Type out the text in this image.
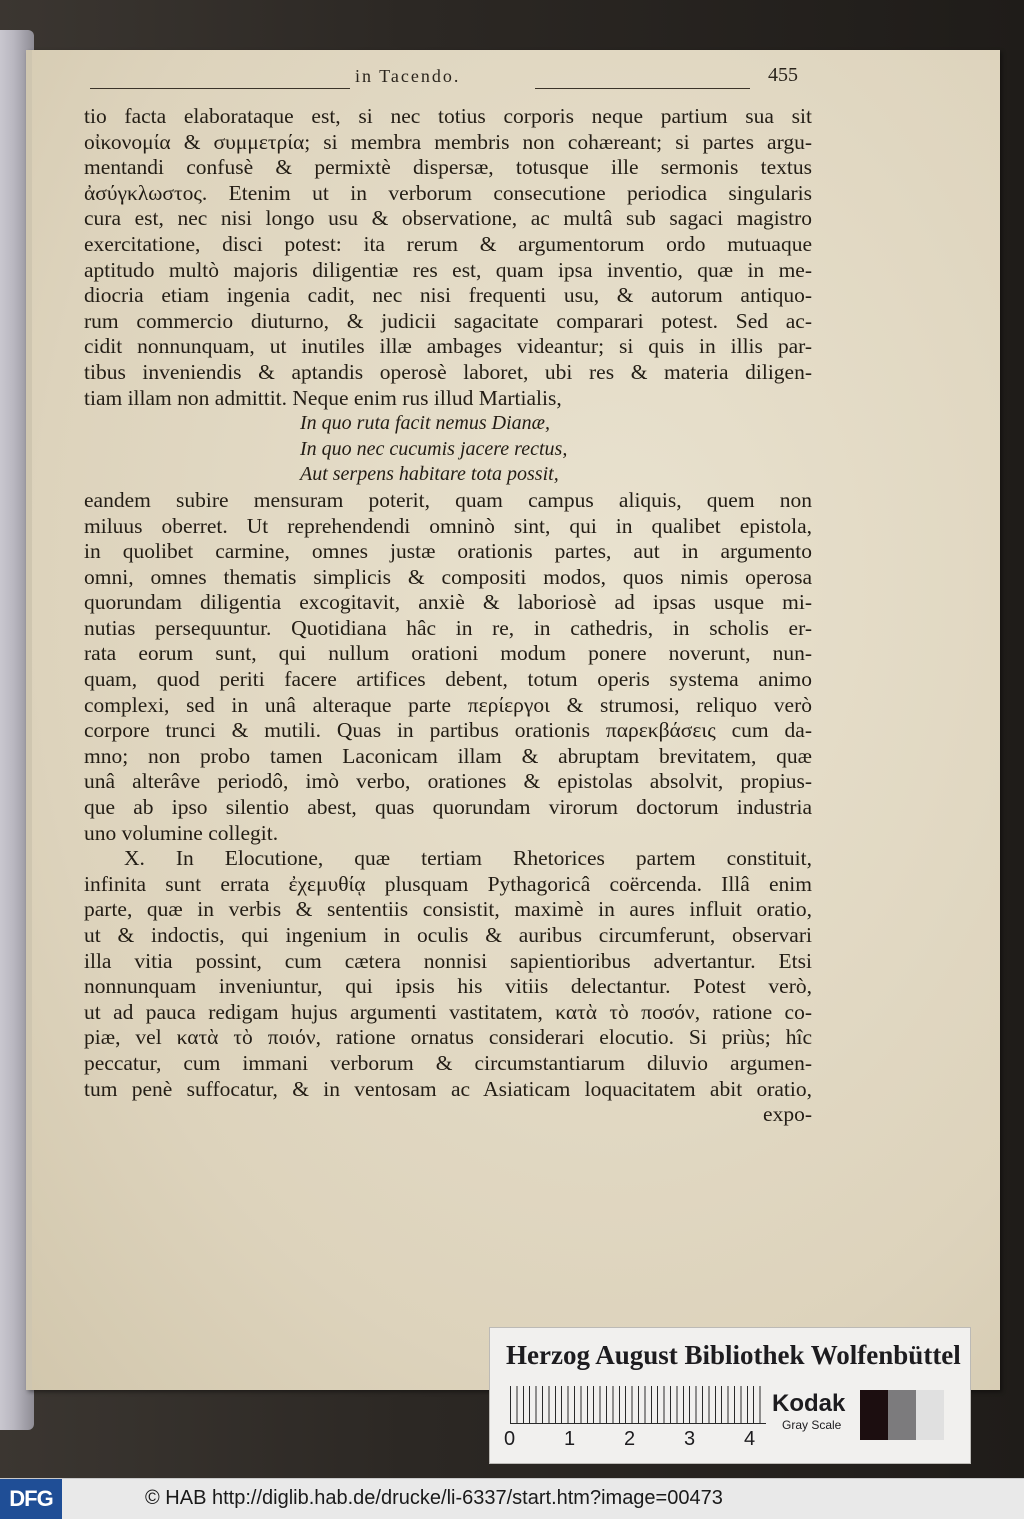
in Tacendo.	455
tio facta elaborataque est, si nec totius corporis neque partium sua sit
οἰκονομία & συμμετρία; si membra membris non cohæreant; si partes argu-
mentandi confusè & permixtè dispersæ, totusque ille sermonis textus
ἀσύγκλωστος. Etenim ut in verborum consecutione periodica singularis
cura est, nec nisi longo usu & observatione, ac multâ sub sagaci magistro
exercitatione, disci potest: ita rerum & argumentorum ordo mutuaque
aptitudo multò majoris diligentiæ res est, quam ipsa inventio, quæ in me-
diocria etiam ingenia cadit, nec nisi frequenti usu, & autorum antiquo-
rum commercio diuturno, & judicii sagacitate comparari potest. Sed ac-
cidit nonnunquam, ut inutiles illæ ambages videantur; si quis in illis par-
tibus inveniendis & aptandis operosè laboret, ubi res & materia diligen-
tiam illam non admittit. Neque enim rus illud Martialis,
In quo ruta facit nemus Dianæ,
In quo nec cucumis jacere rectus,
Aut serpens habitare tota possit,
eandem subire mensuram poterit, quam campus aliquis, quem non
miluus oberret. Ut reprehendendi omninò sint, qui in qualibet epistola,
in quolibet carmine, omnes justæ orationis partes, aut in argumento
omni, omnes thematis simplicis & compositi modos, quos nimis operosa
quorundam diligentia excogitavit, anxiè & laboriosè ad ipsas usque mi-
nutias persequuntur. Quotidiana hâc in re, in cathedris, in scholis er-
rata eorum sunt, qui nullum orationi modum ponere noverunt, nun-
quam, quod periti facere artifices debent, totum operis systema animo
complexi, sed in unâ alteraque parte περίεργοι & strumosi, reliquo verò
corpore trunci & mutili. Quas in partibus orationis παρεκβάσεις cum da-
mno; non probo tamen Laconicam illam & abruptam brevitatem, quæ
unâ alterâve periodô, imò verbo, orationes & epistolas absolvit, propius-
que ab ipso silentio abest, quas quorundam virorum doctorum industria
uno volumine collegit.
X. In Elocutione, quæ tertiam Rhetorices partem constituit,
infinita sunt errata ἐχεμυθίᾳ plusquam Pythagoricâ coërcenda. Illâ enim
parte, quæ in verbis & sententiis consistit, maximè in aures influit oratio,
ut & indoctis, qui ingenium in oculis & auribus circumferunt, observari
illa vitia possint, cum cætera nonnisi sapientioribus advertantur. Etsi
nonnunquam inveniuntur, qui ipsis his vitiis delectantur. Potest verò,
ut ad pauca redigam hujus argumenti vastitatem, κατὰ τὸ ποσόν, ratione co-
piæ, vel κατὰ τὸ ποιόν, ratione ornatus considerari elocutio. Si priùs; hîc
peccatur, cum immani verborum & circumstantiarum diluvio argumen-
tum penè suffocatur, & in ventosam ac Asiaticam loquacitatem abit oratio,
expo-
Herzog August Bibliothek Wolfenbüttel
0 1 2 3 4
Kodak
Gray Scale
DFG	© HAB http://diglib.hab.de/drucke/li-6337/start.htm?image=00473
